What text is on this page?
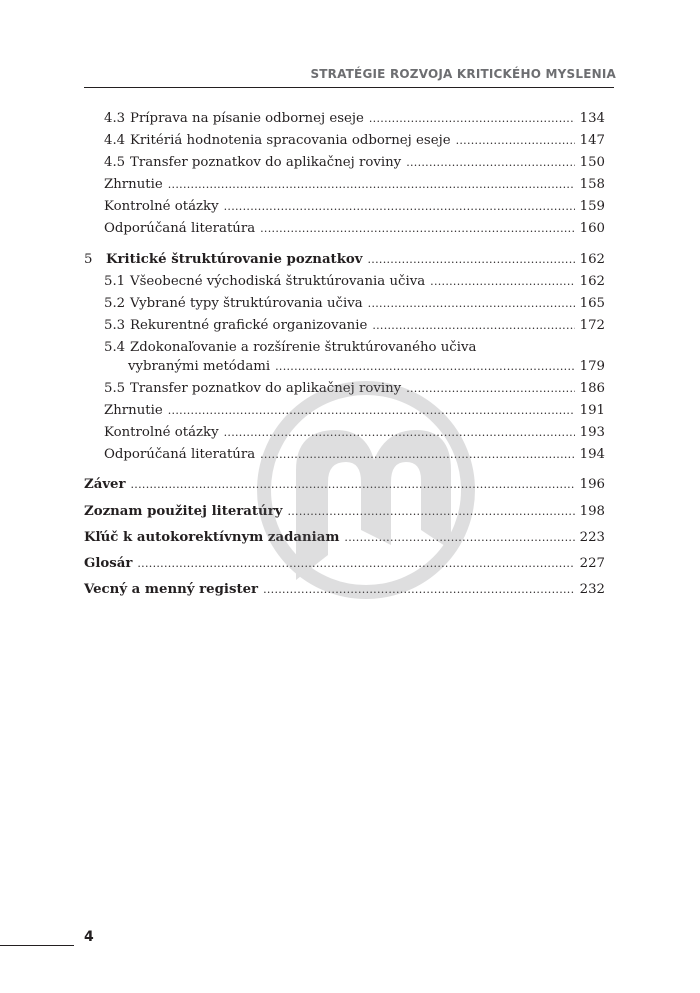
STRATÉGIE ROZVOJA KRITICKÉHO MYSLENIA
4.3 Príprava na písanie odbornej eseje .....	134
4.4 Kritériá hodnotenia spracovania odbornej eseje .....	147
4.5 Transfer poznatkov do aplikačnej roviny .....	150
Zhrnutie .....	158
Kontrolné otázky .....	159
Odporúčaná literatúra .....	160
5	Kritické štruktúrovanie poznatkov .....	162
5.1 Všeobecné východiská štruktúrovania učiva .....	162
5.2 Vybrané typy štruktúrovania učiva .....	165
5.3 Rekurentné grafické organizovanie .....	172
5.4 Zdokonaľovanie a rozšírenie štruktúrovaného učiva
vybranými metódami .....	179
5.5 Transfer poznatkov do aplikačnej roviny .....	186
Zhrnutie .....	191
Kontrolné otázky .....	193
Odporúčaná literatúra .....	194
Záver .....	196
Zoznam použitej literatúry .....	198
Kľúč k autokorektívnym zadaniam .....	223
Glosár .....	227
Vecný a menný register .....	232
4
